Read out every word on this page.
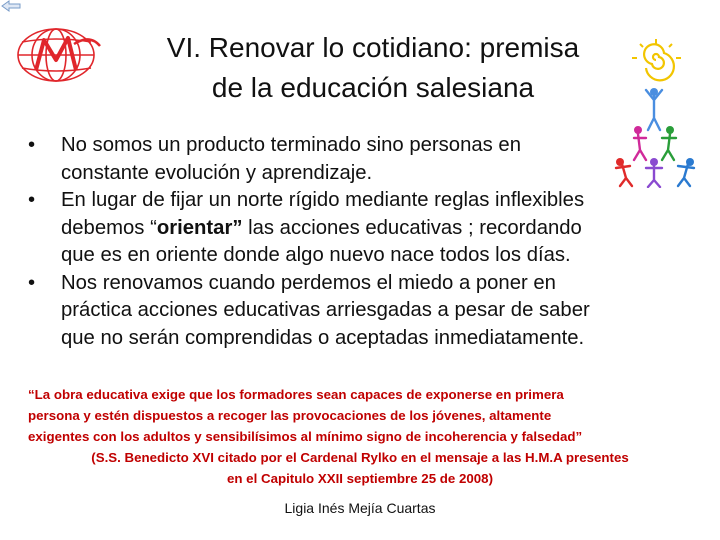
VI. Renovar lo cotidiano: premisa
de la educación salesiana
• No somos un producto terminado sino personas en
constante evolución y aprendizaje.
• En lugar de fijar un norte rígido mediante reglas inflexibles
debemos “orientar” las acciones educativas ; recordando
que es en oriente donde algo nuevo nace todos los días.
• Nos renovamos cuando perdemos el miedo a poner en
práctica acciones educativas arriesgadas a pesar de saber
que no serán comprendidas o aceptadas inmediatamente.
“La obra educativa exige que los formadores sean capaces de exponerse en primera
persona y estén dispuestos a recoger las provocaciones de los jóvenes, altamente
exigentes con los adultos y sensibilísimos al mínimo signo de incoherencia y falsedad”
(S.S. Benedicto XVI citado por el Cardenal Rylko en el mensaje a las H.M.A presentes
en el Capitulo XXII septiembre 25 de 2008)
Ligia Inés Mejía Cuartas
